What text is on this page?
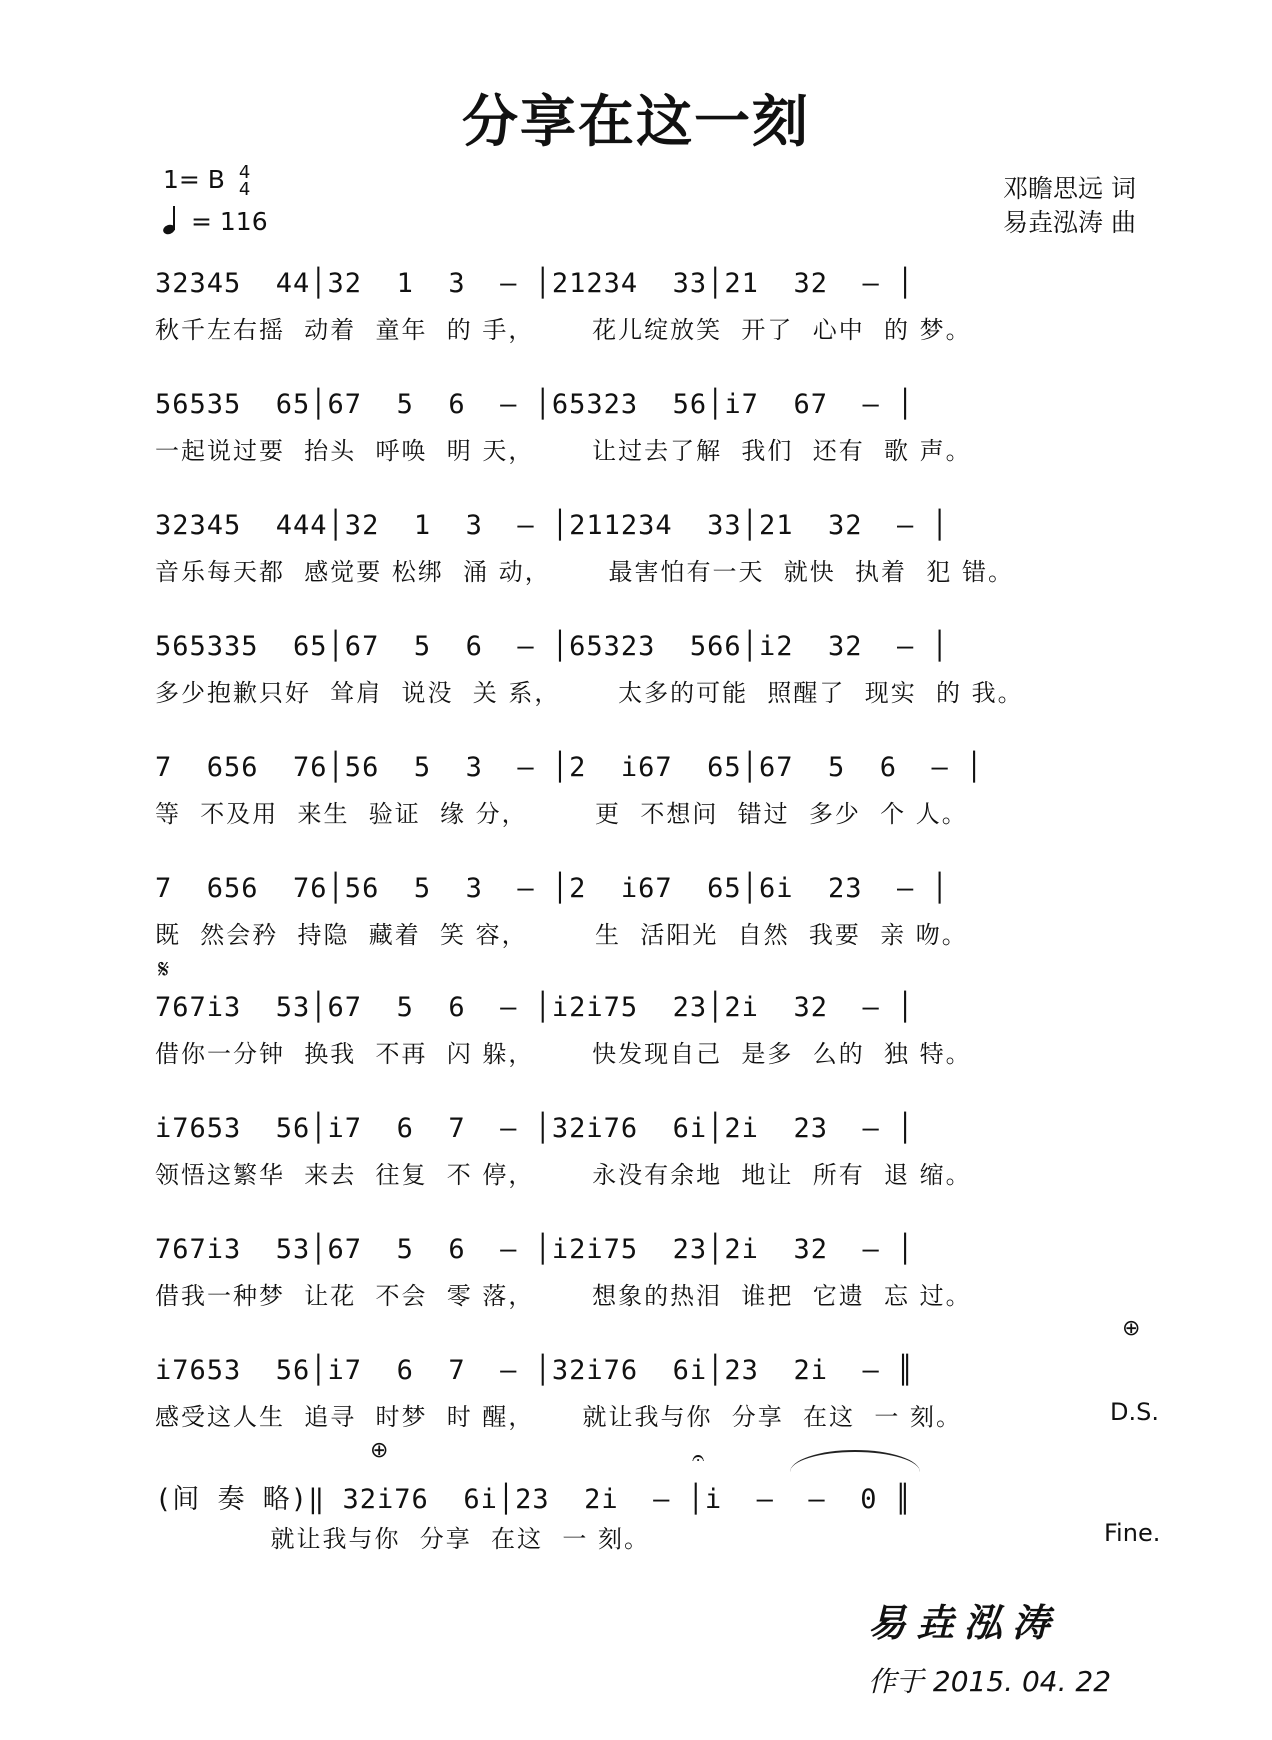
分享在这一刻
1= B 4
4
= 116
邓瞻思远 词
易垚泓涛 曲
32345  44│32  1  3  – │21234  33│21  32  – │
秋千左右摇  动着  童年  的 手，      花儿绽放笑  开了  心中  的 梦。
56535  65│67  5  6  – │65323  56│i7  67  – │
一起说过要  抬头  呼唤  明 天，      让过去了解  我们  还有  歌 声。
32345  444│32  1  3  – │211234  33│21  32  – │
音乐每天都  感觉要 松绑  涌 动，      最害怕有一天  就快  执着  犯 错。
565335  65│67  5  6  – │65323  566│i2  32  – │
多少抱歉只好  耸肩  说没  关 系，      太多的可能  照醒了  现实  的 我。
7  656  76│56  5  3  – │2  i67  65│67  5  6  – │
等  不及用  来生  验证  缘 分，       更  不想问  错过  多少  个 人。
7  656  76│56  5  3  – │2  i67  65│6i  23  – │
既  然会矜  持隐  藏着  笑 容，       生  活阳光  自然  我要  亲 吻。
𝄋
767i3  53│67  5  6  – │i2i75  23│2i  32  – │
借你一分钟  换我  不再  闪 躲，      快发现自己  是多  么的  独 特。
i7653  56│i7  6  7  – │32i76  6i│2i  23  – │
领悟这繁华  来去  往复  不 停，      永没有余地  地让  所有  退 缩。
767i3  53│67  5  6  – │i2i75  23│2i  32  – │
借我一种梦  让花  不会  零 落，      想象的热泪  谁把  它遗  忘 过。
⊕
i7653  56│i7  6  7  – │32i76  6i│23  2i  – ║
感受这人生  追寻  时梦  时 醒，     就让我与你  分享  在这  一 刻。	D.S.
⊕	𝄐
(间 奏 略)‖ 32i76  6i│23  2i  – │i  –  –  0 ║
就让我与你  分享  在这  一 刻。	Fine.
易垚泓涛
作于 2015. 04. 22
